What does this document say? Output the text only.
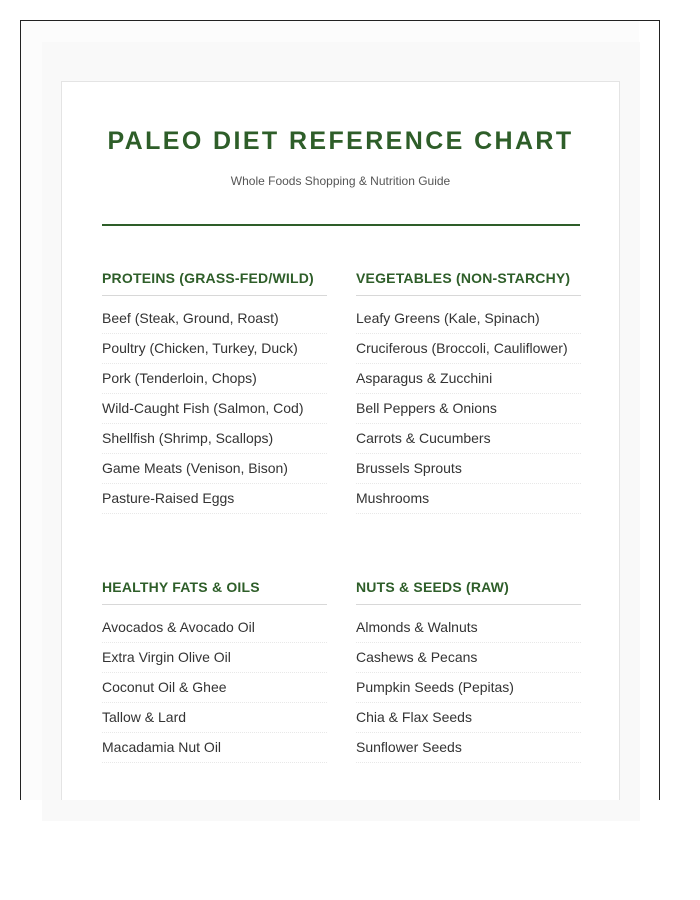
PALEO DIET REFERENCE CHART

Whole Foods Shopping & Nutrition Guide

PROTEINS (GRASS-FED/WILD)
Beef (Steak, Ground, Roast)
Poultry (Chicken, Turkey, Duck)
Pork (Tenderloin, Chops)
Wild-Caught Fish (Salmon, Cod)
Shellfish (Shrimp, Scallops)
Game Meats (Venison, Bison)
Pasture-Raised Eggs
VEGETABLES (NON-STARCHY)
Leafy Greens (Kale, Spinach)
Cruciferous (Broccoli, Cauliflower)
Asparagus & Zucchini
Bell Peppers & Onions
Carrots & Cucumbers
Brussels Sprouts
Mushrooms
HEALTHY FATS & OILS
Avocados & Avocado Oil
Extra Virgin Olive Oil
Coconut Oil & Ghee
Tallow & Lard
Macadamia Nut Oil
NUTS & SEEDS (RAW)
Almonds & Walnuts
Cashews & Pecans
Pumpkin Seeds (Pepitas)
Chia & Flax Seeds
Sunflower Seeds
